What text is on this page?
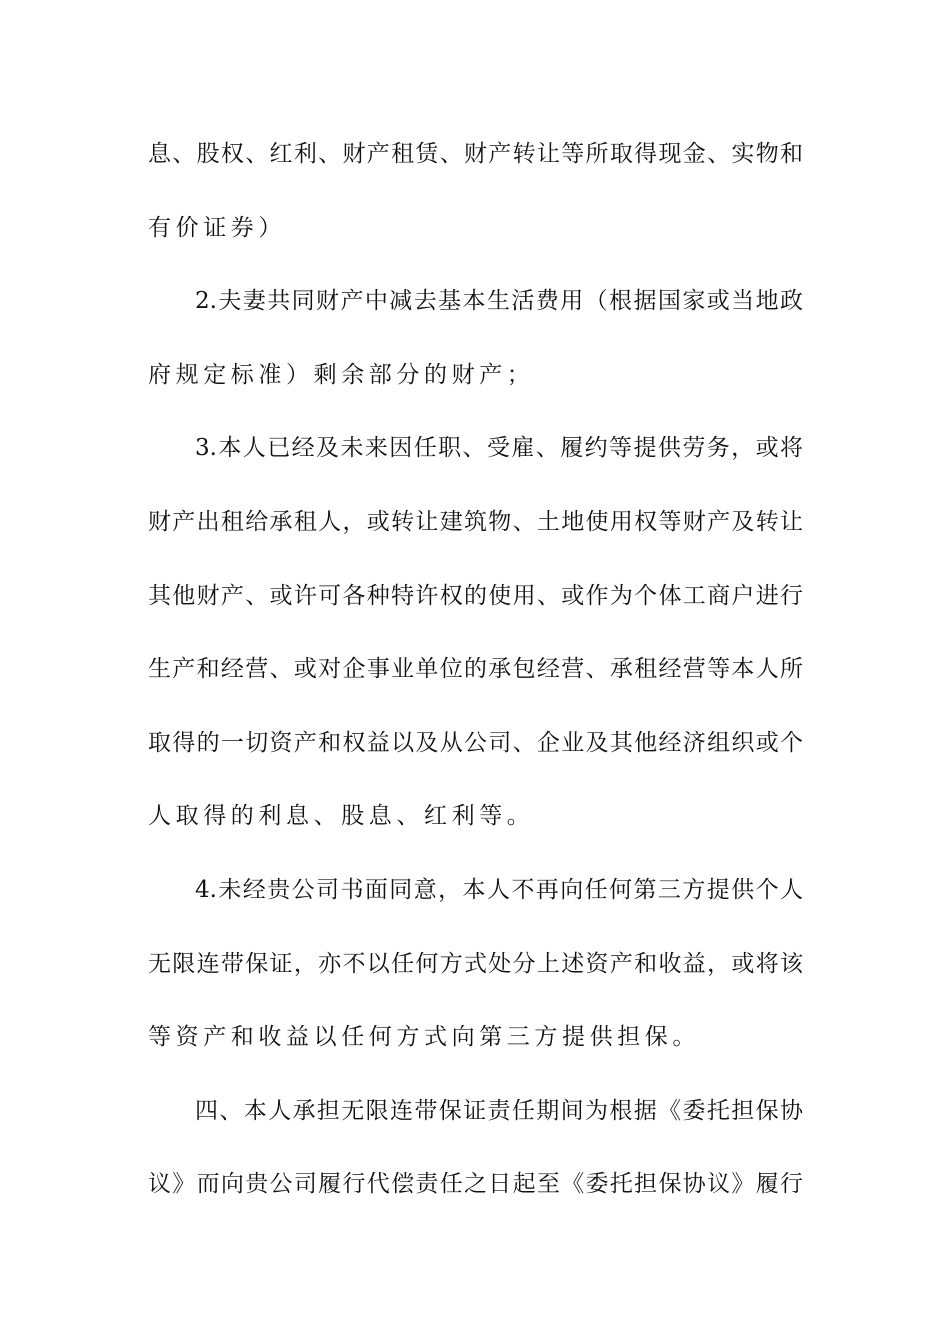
息、股权、红利、财产租赁、财产转让等所取得现金、实物和
有价证券）
2.夫妻共同财产中减去基本生活费用（根据国家或当地政
府规定标准）剩余部分的财产；
3.本人已经及未来因任职、受雇、履约等提供劳务，或将
财产出租给承租人，或转让建筑物、土地使用权等财产及转让
其他财产、或许可各种特许权的使用、或作为个体工商户进行
生产和经营、或对企事业单位的承包经营、承租经营等本人所
取得的一切资产和权益以及从公司、企业及其他经济组织或个
人取得的利息、股息、红利等。
4.未经贵公司书面同意，本人不再向任何第三方提供个人
无限连带保证，亦不以任何方式处分上述资产和收益，或将该
等资产和收益以任何方式向第三方提供担保。
四、本人承担无限连带保证责任期间为根据《委托担保协
议》而向贵公司履行代偿责任之日起至《委托担保协议》履行
